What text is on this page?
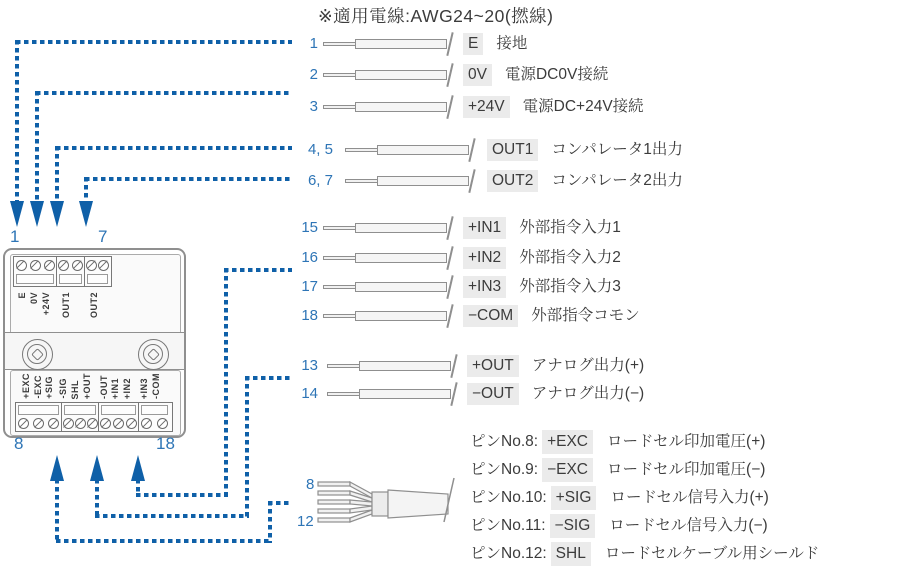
※適用電線:AWG24~20(撚線)
1	E 接地
2	0V 電源DC0V接続
3	+24V 電源DC+24V接続
4, 5	OUT1 コンパレータ1出力
6, 7	OUT2 コンパレータ2出力
15	+IN1 外部指令入力1
16	+IN2 外部指令入力2
17	+IN3 外部指令入力3
18	−COM 外部指令コモン
13	+OUT アナログ出力(+)
14	−OUT アナログ出力(−)
E 0V +24V OUT1 OUT2
+EXC -EXC +SIG -SIG SHL +OUT -OUT +IN1 +IN2 +IN3 -COM
1	7
8	18
8
12
ピンNo.8: +EXC ロードセル印加電圧(+)
ピンNo.9: −EXC ロードセル印加電圧(−)
ピンNo.10: +SIG ロードセル信号入力(+)
ピンNo.11: −SIG ロードセル信号入力(−)
ピンNo.12: SHL ロードセルケーブル用シールド
